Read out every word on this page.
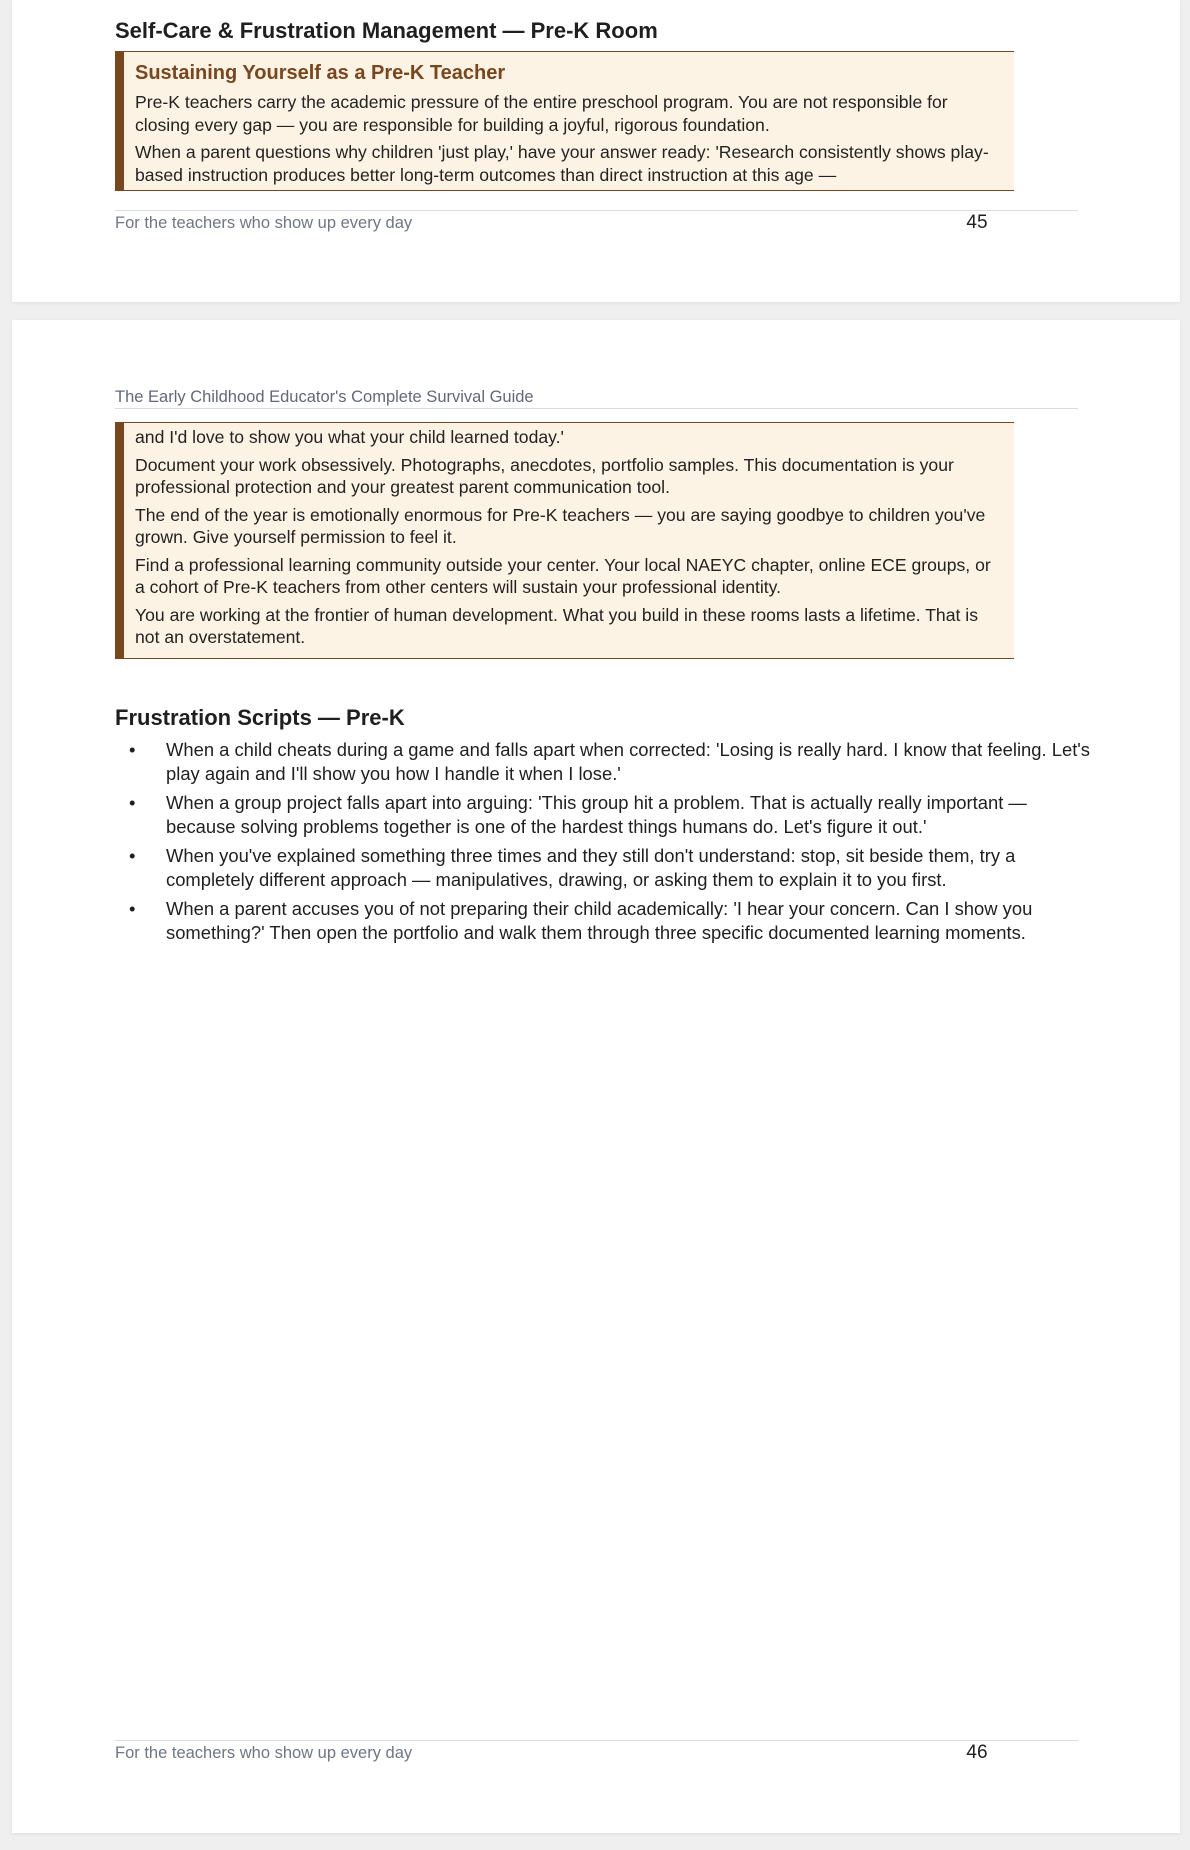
Self-Care & Frustration Management — Pre-K Room
Sustaining Yourself as a Pre-K Teacher

Pre-K teachers carry the academic pressure of the entire preschool program. You are not responsible for closing every gap — you are responsible for building a joyful, rigorous foundation.

When a parent questions why children 'just play,' have your answer ready: 'Research consistently shows play-based instruction produces better long-term outcomes than direct instruction at this age —

For the teachers who show up every day	45
The Early Childhood Educator's Complete Survival Guide

and I'd love to show you what your child learned today.'

Document your work obsessively. Photographs, anecdotes, portfolio samples. This documentation is your professional protection and your greatest parent communication tool.

The end of the year is emotionally enormous for Pre-K teachers — you are saying goodbye to children you've grown. Give yourself permission to feel it.

Find a professional learning community outside your center. Your local NAEYC chapter, online ECE groups, or a cohort of Pre-K teachers from other centers will sustain your professional identity.

You are working at the frontier of human development. What you build in these rooms lasts a lifetime. That is not an overstatement.

Frustration Scripts — Pre-K
• When a child cheats during a game and falls apart when corrected: 'Losing is really hard. I know that feeling. Let's play again and I'll show you how I handle it when I lose.'
• When a group project falls apart into arguing: 'This group hit a problem. That is actually really important — because solving problems together is one of the hardest things humans do. Let's figure it out.'
• When you've explained something three times and they still don't understand: stop, sit beside them, try a completely different approach — manipulatives, drawing, or asking them to explain it to you first.
• When a parent accuses you of not preparing their child academically: 'I hear your concern. Can I show you something?' Then open the portfolio and walk them through three specific documented learning moments.
For the teachers who show up every day	46
